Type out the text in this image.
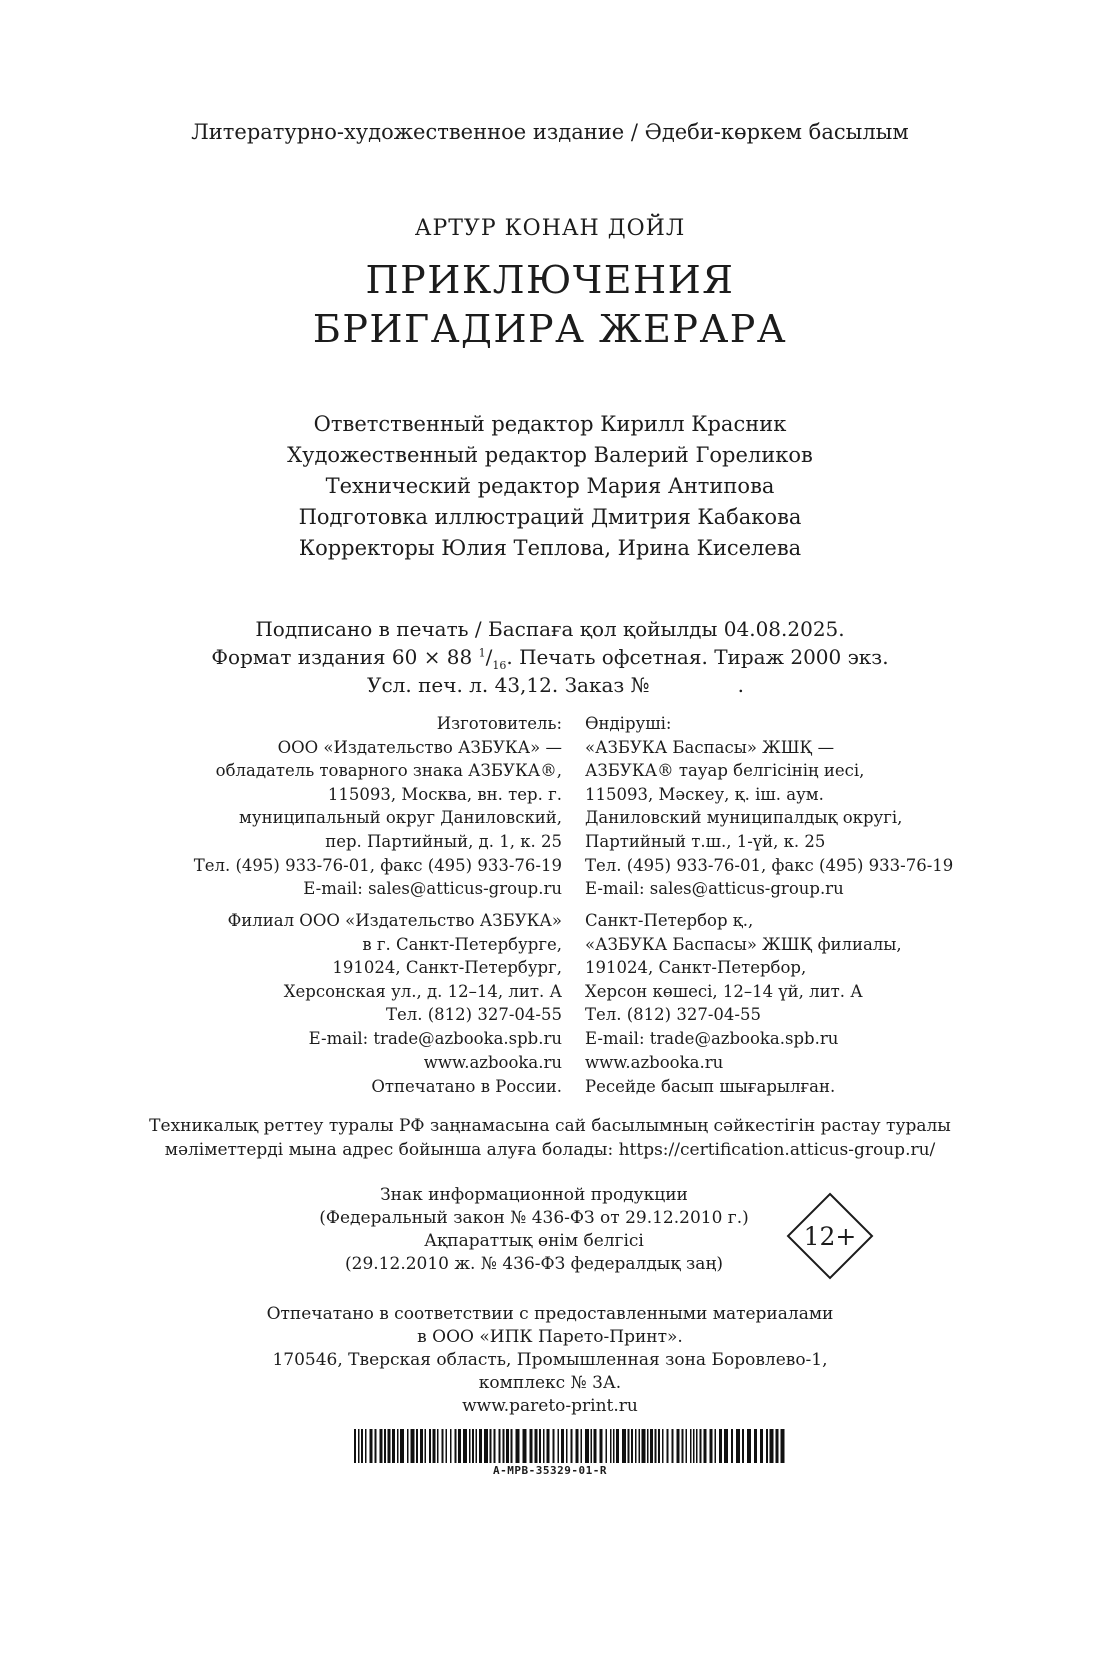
Литературно-художественное издание / Әдеби-көркем басылым
АРТУР КОНАН ДОЙЛ
ПРИКЛЮЧЕНИЯ
БРИГАДИРА ЖЕРАРА
Ответственный редактор Кирилл Красник
Художественный редактор Валерий Гореликов
Технический редактор Мария Антипова
Подготовка иллюстраций Дмитрия Кабакова
Корректоры Юлия Теплова, Ирина Киселева
Подписано в печать / Баспаға қол қойылды 04.08.2025.
Формат издания 60 × 88 $^1/_{16}$. Печать офсетная. Тираж 2000 экз.
Усл. печ. л. 43,12. Заказ №	.
Изготовитель:
ООО «Издательство АЗБУКА» —
обладатель товарного знака АЗБУКА®,
115093, Москва, вн. тер. г.
муниципальный округ Даниловский,
пер. Партийный, д. 1, к. 25
Тел. (495) 933-76-01, факс (495) 933-76-19
E-mail: sales@atticus-group.ru
Өндіруші:
«АЗБУКА Баспасы» ЖШҚ —
АЗБУКА® тауар белгісінің иесі,
115093, Мәскеу, қ. іш. аум.
Даниловский муниципалдық округі,
Партийный т.ш., 1-үй, к. 25
Тел. (495) 933-76-01, факс (495) 933-76-19
E-mail: sales@atticus-group.ru
Филиал ООО «Издательство АЗБУКА»
в г. Санкт-Петербурге,
191024, Санкт-Петербург,
Херсонская ул., д. 12–14, лит. А
Тел. (812) 327-04-55
E-mail: trade@azbooka.spb.ru
Санкт-Петербор қ.,
«АЗБУКА Баспасы» ЖШҚ филиалы,
191024, Санкт-Петербор,
Херсон көшесі, 12–14 үй, лит. А
Тел. (812) 327-04-55
E-mail: trade@azbooka.spb.ru
www.azbooka.ru
Отпечатано в России.
www.azbooka.ru
Ресейде басып шығарылған.
Техникалық реттеу туралы РФ заңнамасына сай басылымның сәйкестігін растау туралы
мәліметтерді мына адрес бойынша алуға болады: https://certification.atticus-group.ru/
Знак информационной продукции
(Федеральный закон № 436-ФЗ от 29.12.2010 г.)
Ақпараттық өнім белгісі
(29.12.2010 ж. № 436-ФЗ федералдық заң)
12+
Отпечатано в соответствии с предоставленными материалами
в ООО «ИПК Парето-Принт».
170546, Тверская область, Промышленная зона Боровлево-1,
комплекс № 3А.
www.pareto-print.ru
A-MPB-35329-01-R
